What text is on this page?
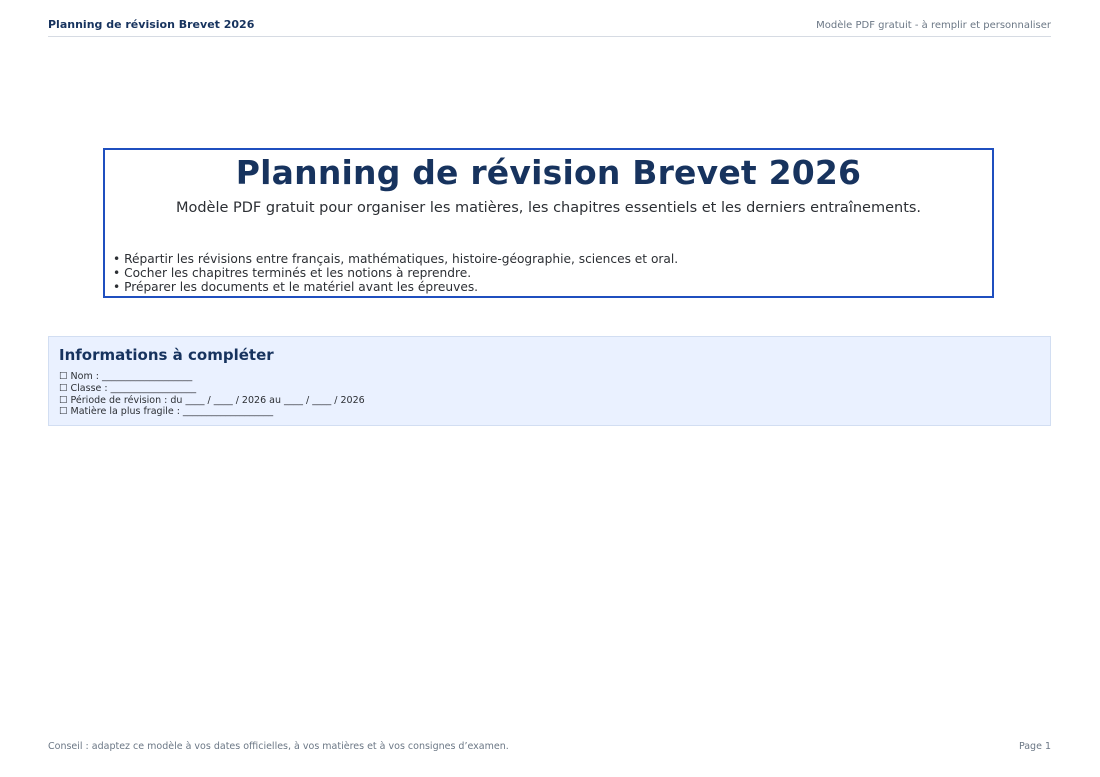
Planning de révision Brevet 2026	Modèle PDF gratuit - à remplir et personnaliser
Planning de révision Brevet 2026
Modèle PDF gratuit pour organiser les matières, les chapitres essentiels et les derniers entraînements.
• Répartir les révisions entre français, mathématiques, histoire-géographie, sciences et oral.
• Cocher les chapitres terminés et les notions à reprendre.
• Préparer les documents et le matériel avant les épreuves.
Informations à compléter
☐ Nom : ___________________
☐ Classe : __________________
☐ Période de révision : du ____ / ____ / 2026 au ____ / ____ / 2026
☐ Matière la plus fragile : ___________________
Conseil : adaptez ce modèle à vos dates officielles, à vos matières et à vos consignes d’examen.	Page 1
